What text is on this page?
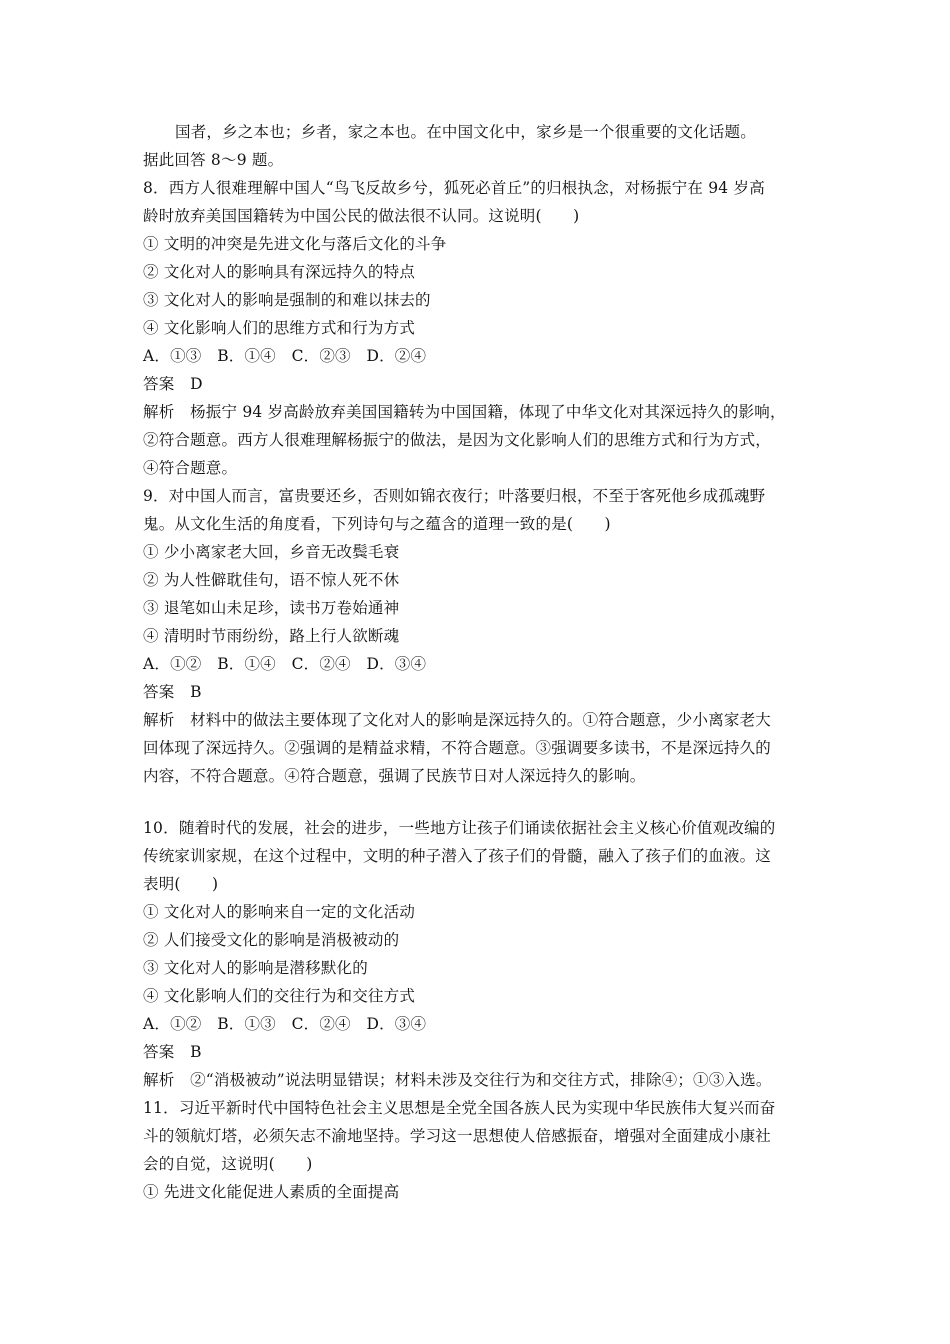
国者，乡之本也；乡者，家之本也。在中国文化中，家乡是一个很重要的文化话题。
据此回答 8～9 题。
8．西方人很难理解中国人“鸟飞反故乡兮，狐死必首丘”的归根执念，对杨振宁在 94 岁高
龄时放弃美国国籍转为中国公民的做法很不认同。这说明(　　)
① 文明的冲突是先进文化与落后文化的斗争
② 文化对人的影响具有深远持久的特点
③ 文化对人的影响是强制的和难以抹去的
④ 文化影响人们的思维方式和行为方式
A．①③　B．①④　C．②③　D．②④
答案　D
解析　杨振宁 94 岁高龄放弃美国国籍转为中国国籍，体现了中华文化对其深远持久的影响，
②符合题意。西方人很难理解杨振宁的做法，是因为文化影响人们的思维方式和行为方式，
④符合题意。
9．对中国人而言，富贵要还乡，否则如锦衣夜行；叶落要归根，不至于客死他乡成孤魂野
鬼。从文化生活的角度看，下列诗句与之蕴含的道理一致的是(　　)
① 少小离家老大回，乡音无改鬓毛衰
② 为人性僻耽佳句，语不惊人死不休
③ 退笔如山未足珍，读书万卷始通神
④ 清明时节雨纷纷，路上行人欲断魂
A．①②　B．①④　C．②④　D．③④
答案　B
解析　材料中的做法主要体现了文化对人的影响是深远持久的。①符合题意，少小离家老大
回体现了深远持久。②强调的是精益求精，不符合题意。③强调要多读书，不是深远持久的
内容，不符合题意。④符合题意，强调了民族节日对人深远持久的影响。
10．随着时代的发展，社会的进步，一些地方让孩子们诵读依据社会主义核心价值观改编的
传统家训家规，在这个过程中，文明的种子潜入了孩子们的骨髓，融入了孩子们的血液。这
表明(　　)
① 文化对人的影响来自一定的文化活动
② 人们接受文化的影响是消极被动的
③ 文化对人的影响是潜移默化的
④ 文化影响人们的交往行为和交往方式
A．①②　B．①③　C．②④　D．③④
答案　B
解析　②“消极被动”说法明显错误；材料未涉及交往行为和交往方式，排除④；①③入选。
11．习近平新时代中国特色社会主义思想是全党全国各族人民为实现中华民族伟大复兴而奋
斗的领航灯塔，必须矢志不渝地坚持。学习这一思想使人倍感振奋，增强对全面建成小康社
会的自觉，这说明(　　)
① 先进文化能促进人素质的全面提高
